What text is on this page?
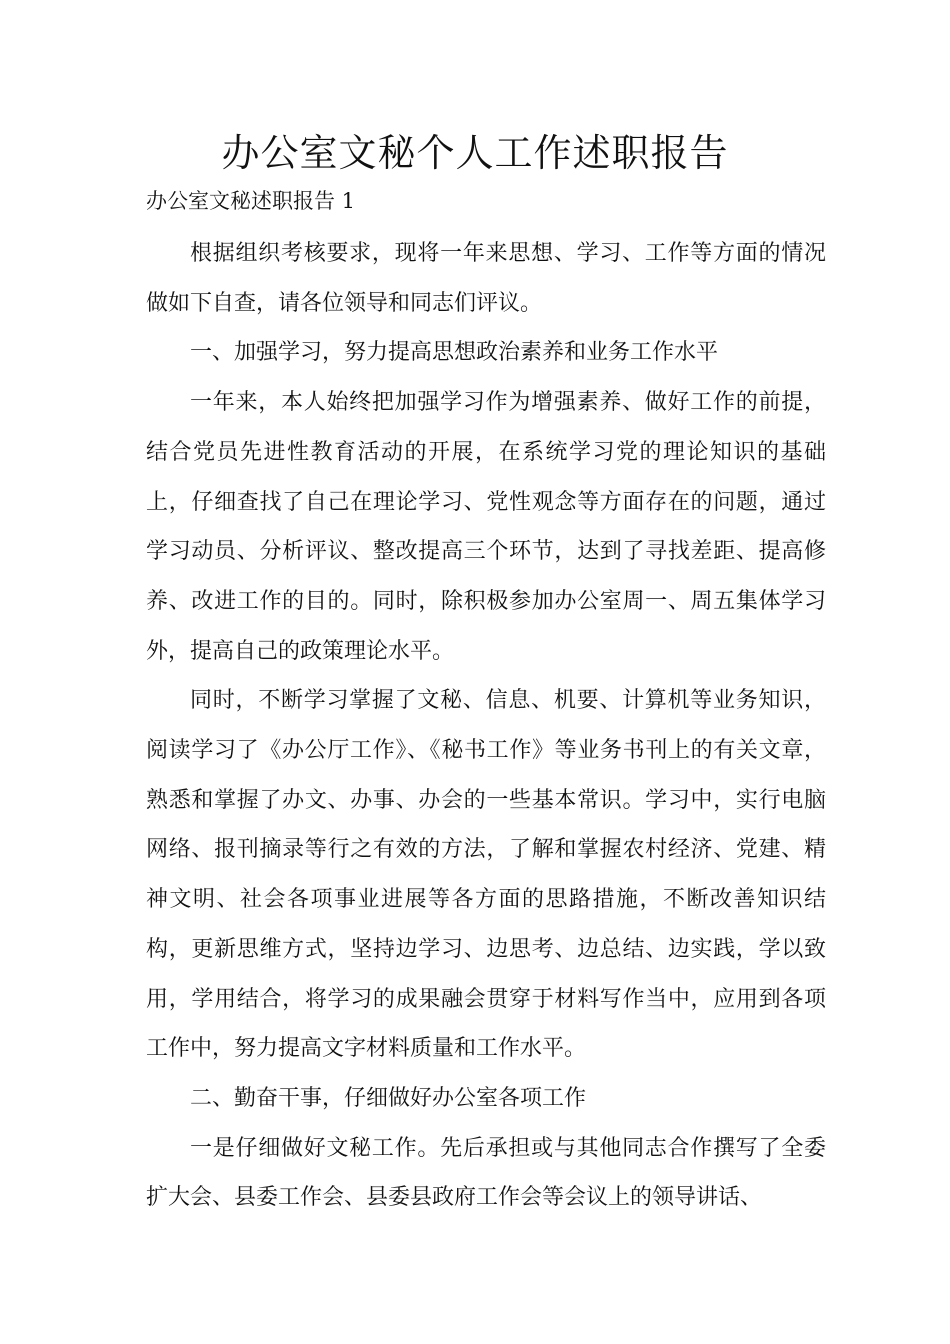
办公室文秘个人工作述职报告

办公室文秘述职报告 1

根据组织考核要求，现将一年来思想、学习、工作等方面的情况做如下自查，请各位领导和同志们评议。

一、加强学习，努力提高思想政治素养和业务工作水平

一年来，本人始终把加强学习作为增强素养、做好工作的前提，结合党员先进性教育活动的开展，在系统学习党的理论知识的基础上，仔细查找了自己在理论学习、党性观念等方面存在的问题，通过学习动员、分析评议、整改提高三个环节，达到了寻找差距、提高修养、改进工作的目的。同时，除积极参加办公室周一、周五集体学习外，提高自己的政策理论水平。

同时，不断学习掌握了文秘、信息、机要、计算机等业务知识，阅读学习了《办公厅工作》、《秘书工作》等业务书刊上的有关文章，熟悉和掌握了办文、办事、办会的一些基本常识。学习中，实行电脑网络、报刊摘录等行之有效的方法，了解和掌握农村经济、党建、精神文明、社会各项事业进展等各方面的思路措施，不断改善知识结构，更新思维方式，坚持边学习、边思考、边总结、边实践，学以致用，学用结合，将学习的成果融会贯穿于材料写作当中，应用到各项工作中，努力提高文字材料质量和工作水平。

二、勤奋干事，仔细做好办公室各项工作

一是仔细做好文秘工作。先后承担或与其他同志合作撰写了全委扩大会、县委工作会、县委县政府工作会等会议上的领导讲话、
